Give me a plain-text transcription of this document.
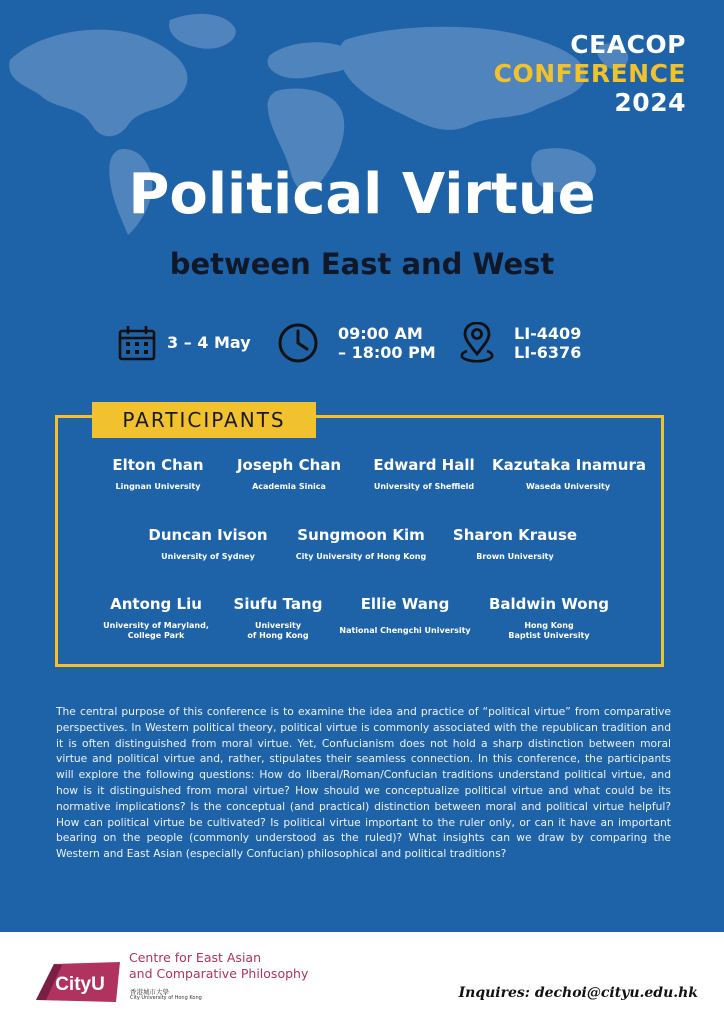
CEACOP
CONFERENCE
2024
Political Virtue
between East and West
3 – 4 May	09:00 AM
– 18:00 PM
LI-4409
LI-6376
PARTICIPANTS
Elton Chan
Lingnan University
Joseph Chan
Academia Sinica
Edward Hall
University of Sheffield
Kazutaka Inamura
Waseda University
Duncan Ivison
University of Sydney
Sungmoon Kim
City University of Hong Kong
Sharon Krause
Brown University
Antong Liu
University of Maryland,
College Park
Siufu Tang
University
of Hong Kong
Ellie Wang
National Chengchi University
Baldwin Wong
Hong Kong
Baptist University
The central purpose of this conference is to examine the idea and practice of “political virtue” from comparative perspectives. In Western political theory, political virtue is commonly associated with the republican tradition and it is often distinguished from moral virtue. Yet, Confucianism does not hold a sharp distinction between moral virtue and political virtue and, rather, stipulates their seamless connection. In this conference, the participants will explore the following questions: How do liberal/Roman/Confucian traditions understand political virtue, and how is it distinguished from moral virtue? How should we conceptualize political virtue and what could be its normative implications? Is the conceptual (and practical) distinction between moral and political virtue helpful? How can political virtue be cultivated? Is political virtue important to the ruler only, or can it have an important bearing on the people (commonly understood as the ruled)? What insights can we draw by comparing the Western and East Asian (especially Confucian) philosophical and political traditions?
CityU
Centre for East Asian
and Comparative Philosophy
香港城市大學
City University of Hong Kong	Inquires: dechoi@cityu.edu.hk
